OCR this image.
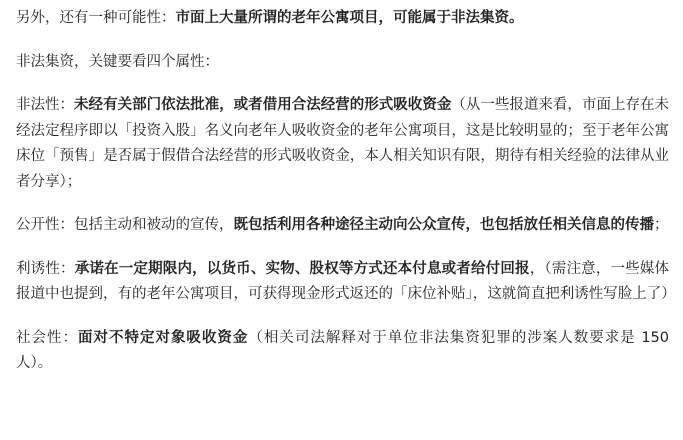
另外，还有一种可能性：市面上大量所谓的老年公寓项目，可能属于非法集资。

非法集资，关键要看四个属性：

非法性：未经有关部门依法批准，或者借用合法经营的形式吸收资金（从一些报道来看，市面上存在未经法定程序即以「投资入股」名义向老年人吸收资金的老年公寓项目，这是比较明显的；至于老年公寓床位「预售」是否属于假借合法经营的形式吸收资金，本人相关知识有限，期待有相关经验的法律从业者分享）；

公开性：包括主动和被动的宣传，既包括利用各种途径主动向公众宣传，也包括放任相关信息的传播；

利诱性：承诺在一定期限内，以货币、实物、股权等方式还本付息或者给付回报，（需注意，一些媒体报道中也提到，有的老年公寓项目，可获得现金形式返还的「床位补贴」，这就简直把利诱性写脸上了）

社会性：面对不特定对象吸收资金（相关司法解释对于单位非法集资犯罪的涉案人数要求是 150 人）。
